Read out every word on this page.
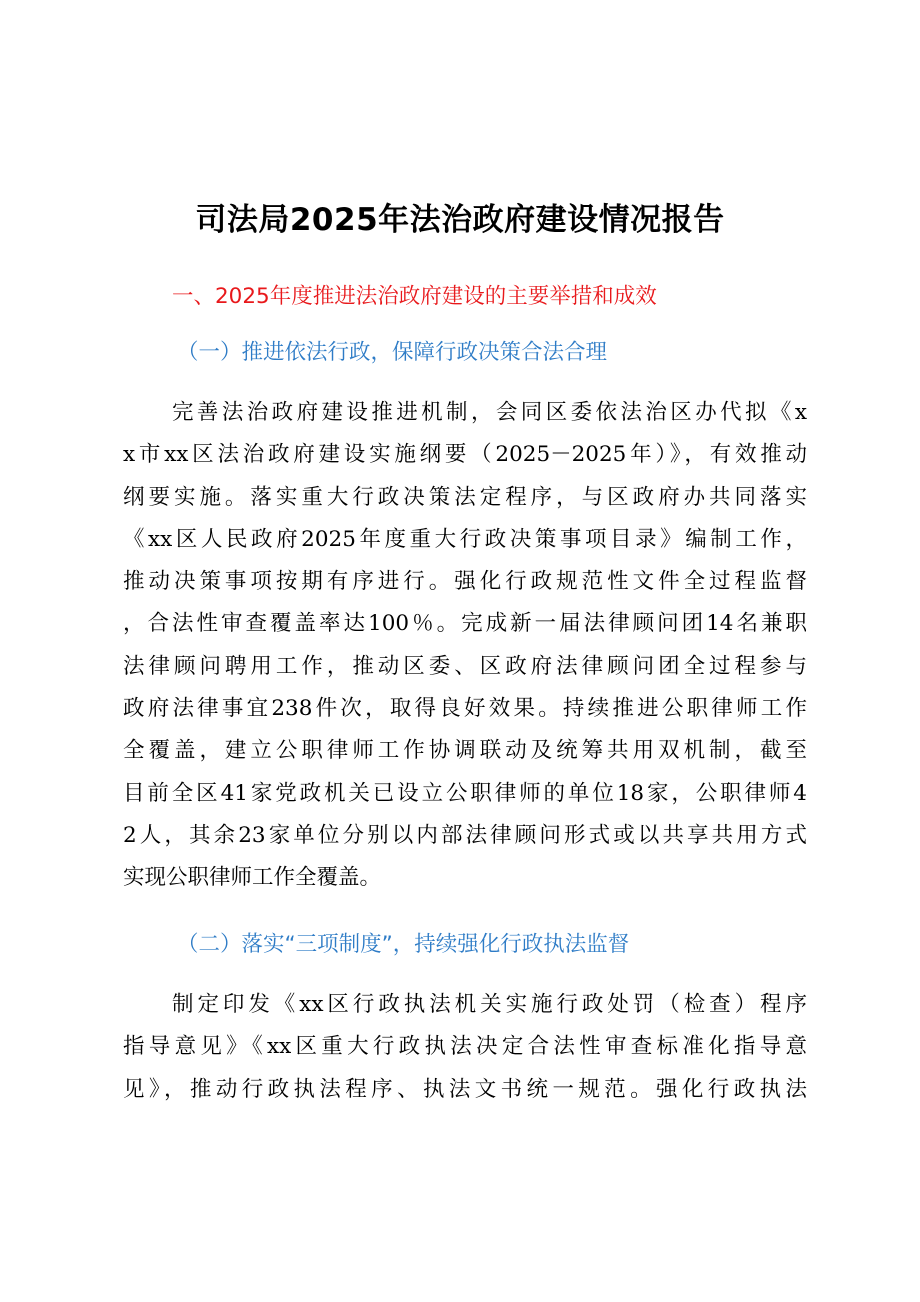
司法局2025年法治政府建设情况报告
一、2025年度推进法治政府建设的主要举措和成效
（一）推进依法行政，保障行政决策合法合理
完善法治政府建设推进机制，会同区委依法治区办代拟《x
x市xx区法治政府建设实施纲要（2025－2025年）》，有效推动
纲要实施。落实重大行政决策法定程序，与区政府办共同落实
《xx区人民政府2025年度重大行政决策事项目录》编制工作，
推动决策事项按期有序进行。强化行政规范性文件全过程监督
，合法性审查覆盖率达100％。完成新一届法律顾问团14名兼职
法律顾问聘用工作，推动区委、区政府法律顾问团全过程参与
政府法律事宜238件次，取得良好效果。持续推进公职律师工作
全覆盖，建立公职律师工作协调联动及统筹共用双机制，截至
目前全区41家党政机关已设立公职律师的单位18家，公职律师4
2人，其余23家单位分别以内部法律顾问形式或以共享共用方式
实现公职律师工作全覆盖。
（二）落实“三项制度”，持续强化行政执法监督
制定印发《xx区行政执法机关实施行政处罚（检查）程序
指导意见》《xx区重大行政执法决定合法性审查标准化指导意
见》，推动行政执法程序、执法文书统一规范。强化行政执法
